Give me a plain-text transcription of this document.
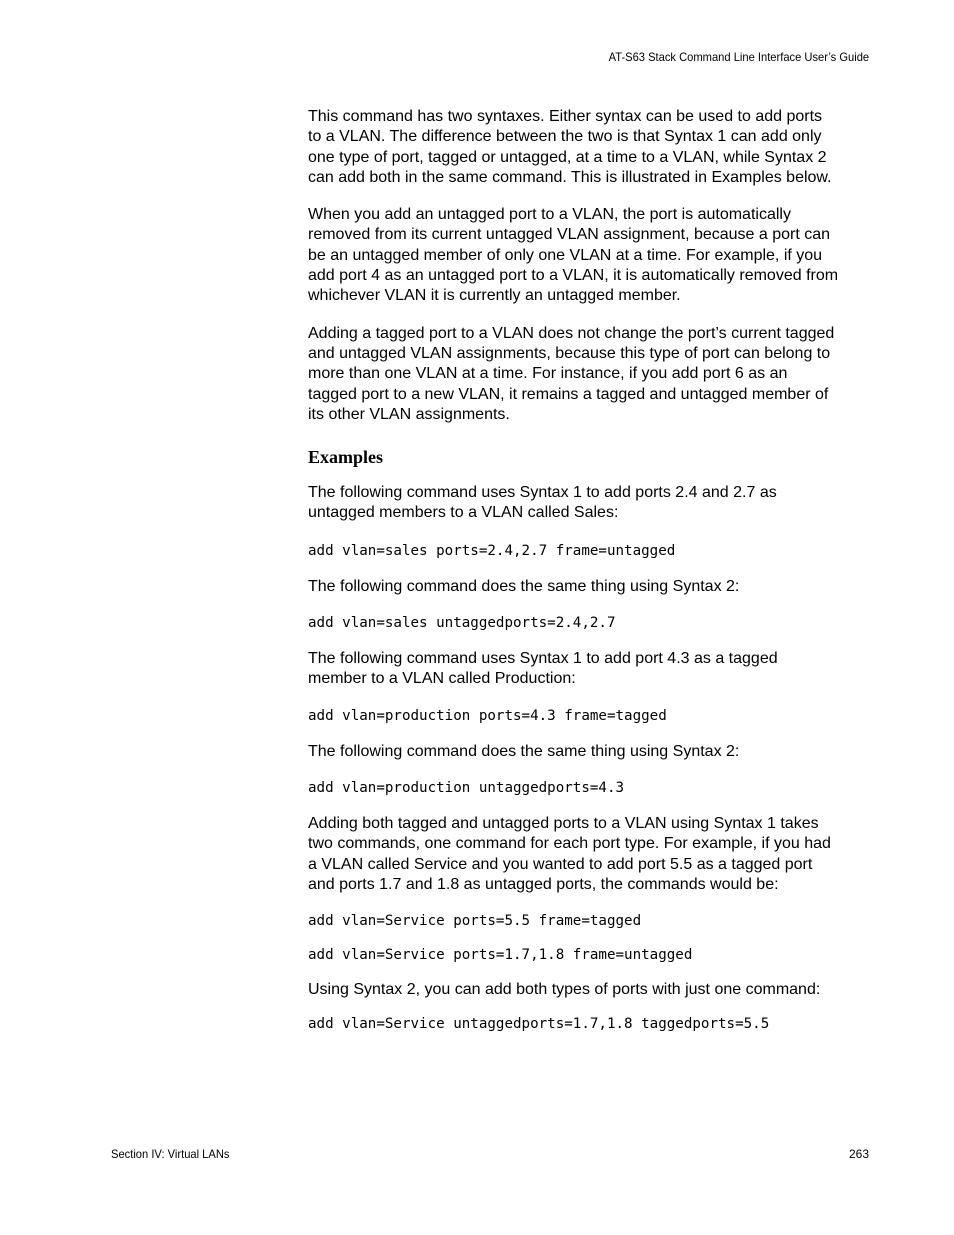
AT-S63 Stack Command Line Interface User’s Guide

This command has two syntaxes. Either syntax can be used to add ports
to a VLAN. The difference between the two is that Syntax 1 can add only
one type of port, tagged or untagged, at a time to a VLAN, while Syntax 2
can add both in the same command. This is illustrated in Examples below.

When you add an untagged port to a VLAN, the port is automatically
removed from its current untagged VLAN assignment, because a port can
be an untagged member of only one VLAN at a time. For example, if you
add port 4 as an untagged port to a VLAN, it is automatically removed from
whichever VLAN it is currently an untagged member.

Adding a tagged port to a VLAN does not change the port’s current tagged
and untagged VLAN assignments, because this type of port can belong to
more than one VLAN at a time. For instance, if you add port 6 as an
tagged port to a new VLAN, it remains a tagged and untagged member of
its other VLAN assignments.

Examples

The following command uses Syntax 1 to add ports 2.4 and 2.7 as
untagged members to a VLAN called Sales:

add vlan=sales ports=2.4,2.7 frame=untagged

The following command does the same thing using Syntax 2:

add vlan=sales untaggedports=2.4,2.7

The following command uses Syntax 1 to add port 4.3 as a tagged
member to a VLAN called Production:

add vlan=production ports=4.3 frame=tagged

The following command does the same thing using Syntax 2:

add vlan=production untaggedports=4.3

Adding both tagged and untagged ports to a VLAN using Syntax 1 takes
two commands, one command for each port type. For example, if you had
a VLAN called Service and you wanted to add port 5.5 as a tagged port
and ports 1.7 and 1.8 as untagged ports, the commands would be:

add vlan=Service ports=5.5 frame=tagged
add vlan=Service ports=1.7,1.8 frame=untagged

Using Syntax 2, you can add both types of ports with just one command:

add vlan=Service untaggedports=1.7,1.8 taggedports=5.5
Section IV: Virtual LANs	263
